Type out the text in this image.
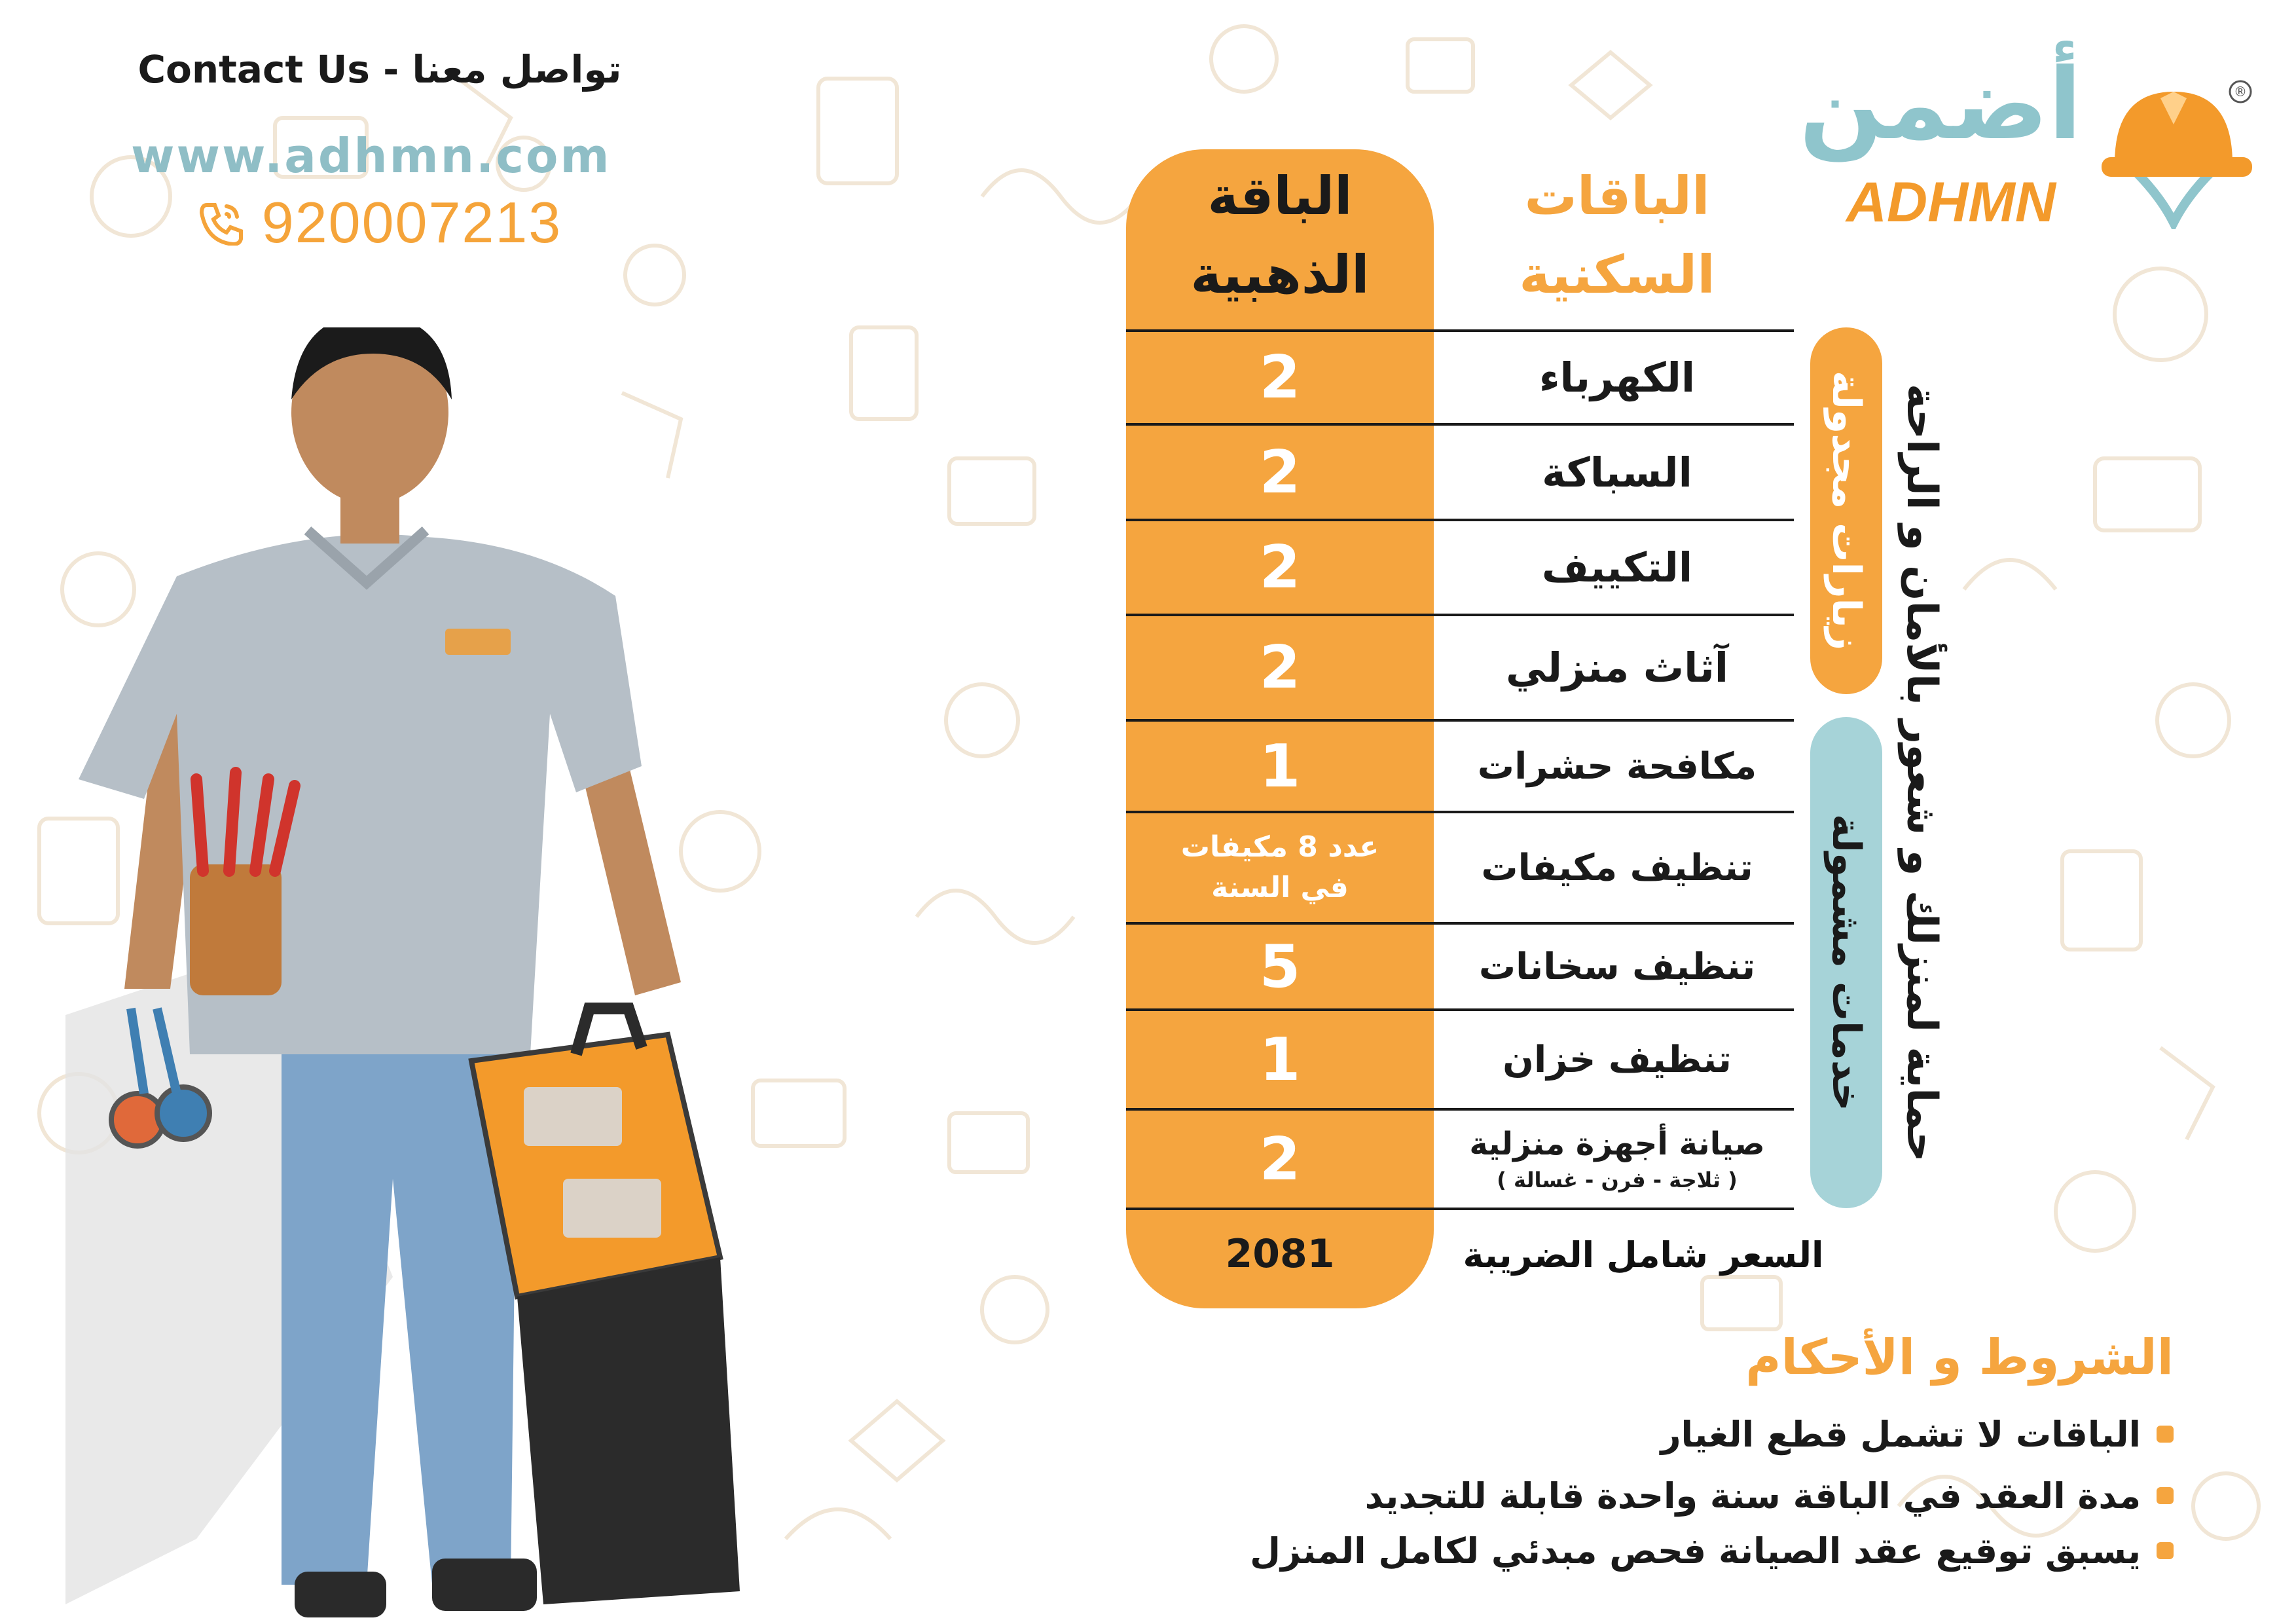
Contact Us - تواصل معنا
www.adhmn.com
920007213
أضمن	®
ADHMN
الباقة الذهبية
الباقات السكنية
الكهرباء
2
السباكة
2
التكييف
2
آثاث منزلي
2
مكافحة حشرات
1
تنظيف مكيفات
عدد 8 مكيفات في السنة
تنظيف سخانات
5
تنظيف خزان
1
صيانة أجهزة منزلية
( ثلاجة - فرن - غسالة )
2
السعر شامل الضريبة
2081
زيارات مجدولة
خدمات مشمولة حماية لمنزلك و شعور بالأمان و الراحة
الشروط و الأحكام
الباقات لا تشمل قطع الغيار
مدة العقد في الباقة سنة واحدة قابلة للتجديد
يسبق توقيع عقد الصيانة فحص مبدئي لكامل المنزل
